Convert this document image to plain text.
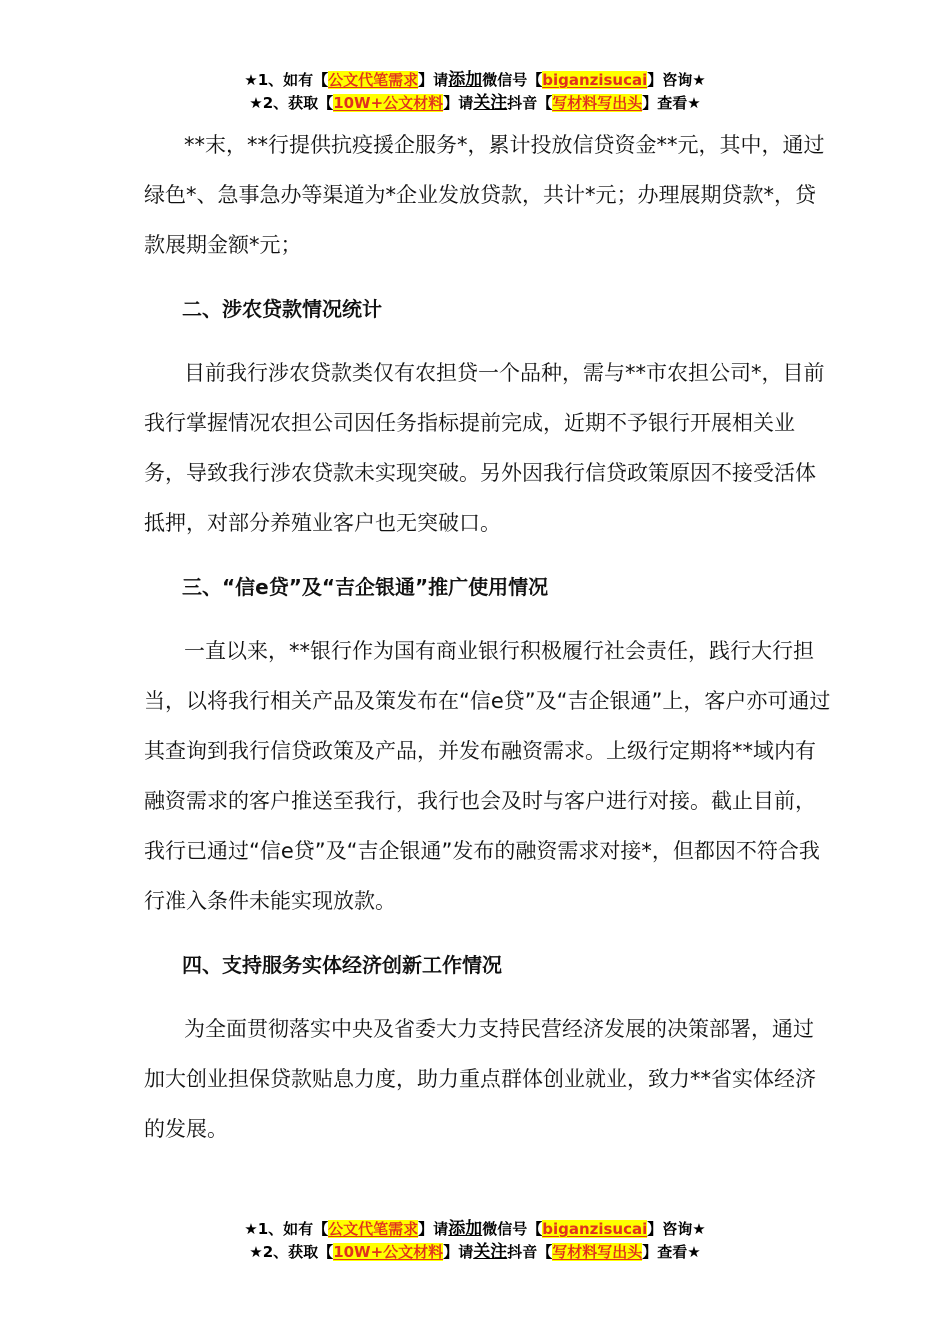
★1、如有【公文代笔需求】请添加微信号【biganzisucai】咨询★
★2、获取【10W+公文材料】请关注抖音【写材料写出头】查看★

**末，**行提供抗疫援企服务*，累计投放信贷资金**元，其中，通过绿色*、急事急办等渠道为*企业发放贷款，共计*元；办理展期贷款*，贷款展期金额*元；

二、涉农贷款情况统计

目前我行涉农贷款类仅有农担贷一个品种，需与**市农担公司*，目前我行掌握情况农担公司因任务指标提前完成，近期不予银行开展相关业务，导致我行涉农贷款未实现突破。另外因我行信贷政策原因不接受活体抵押，对部分养殖业客户也无突破口。

三、“信e贷”及“吉企银通”推广使用情况

一直以来，**银行作为国有商业银行积极履行社会责任，践行大行担当，以将我行相关产品及策发布在“信e贷”及“吉企银通”上，客户亦可通过其查询到我行信贷政策及产品，并发布融资需求。上级行定期将**域内有融资需求的客户推送至我行，我行也会及时与客户进行对接。截止目前，我行已通过“信e贷”及“吉企银通”发布的融资需求对接*，但都因不符合我行准入条件未能实现放款。

四、支持服务实体经济创新工作情况

为全面贯彻落实中央及省委大力支持民营经济发展的决策部署，通过加大创业担保贷款贴息力度，助力重点群体创业就业，致力**省实体经济的发展。

★1、如有【公文代笔需求】请添加微信号【biganzisucai】咨询★
★2、获取【10W+公文材料】请关注抖音【写材料写出头】查看★
